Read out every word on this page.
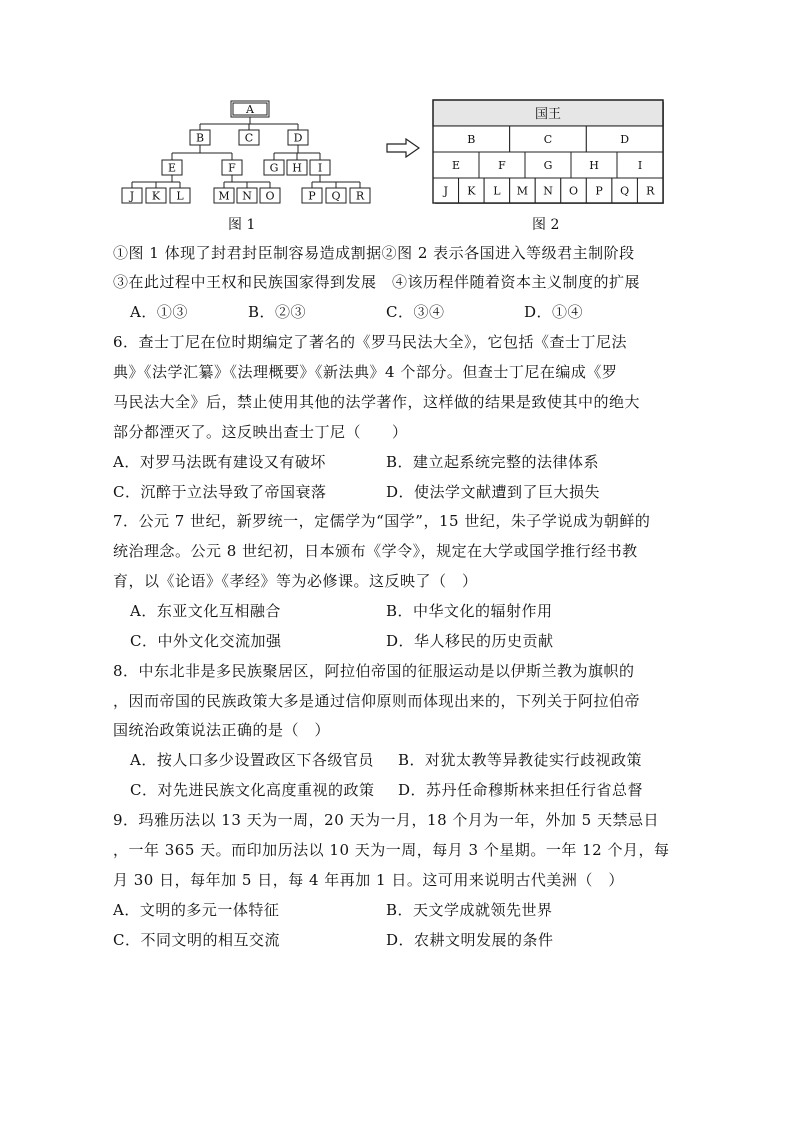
A
B	C	D
E	F	G H I
J K L	M N O	P Q R
图 1
国王
B	C	D
E	F	G	H	I
J K L M N O P Q R
图 2
①图 1 体现了封君封臣制容易造成割据②图 2 表示各国进入等级君主制阶段
③在此过程中王权和民族国家得到发展　④该历程伴随着资本主义制度的扩展
A．①③	B．②③	C．③④	D．①④
6．查士丁尼在位时期编定了著名的《罗马民法大全》，它包括《查士丁尼法
典》《法学汇纂》《法理概要》《新法典》4 个部分。但查士丁尼在编成《罗
马民法大全》后，禁止使用其他的法学著作，这样做的结果是致使其中的绝大
部分都湮灭了。这反映出查士丁尼（　　）
A．对罗马法既有建设又有破坏	B．建立起系统完整的法律体系
C．沉醉于立法导致了帝国衰落	D．使法学文献遭到了巨大损失
7．公元 7 世纪，新罗统一，定儒学为“国学”，15 世纪，朱子学说成为朝鲜的
统治理念。公元 8 世纪初，日本颁布《学令》，规定在大学或国学推行经书教
育，以《论语》《孝经》等为必修课。这反映了（　）
A．东亚文化互相融合	B．中华文化的辐射作用
C．中外文化交流加强	D．华人移民的历史贡献
8．中东北非是多民族聚居区，阿拉伯帝国的征服运动是以伊斯兰教为旗帜的
，因而帝国的民族政策大多是通过信仰原则而体现出来的，下列关于阿拉伯帝
国统治政策说法正确的是（　）
A．按人口多少设置政区下各级官员 B．对犹太教等异教徒实行歧视政策
C．对先进民族文化高度重视的政策 D．苏丹任命穆斯林来担任行省总督
9．玛雅历法以 13 天为一周，20 天为一月，18 个月为一年，外加 5 天禁忌日
，一年 365 天。而印加历法以 10 天为一周，每月 3 个星期。一年 12 个月，每
月 30 日，每年加 5 日，每 4 年再加 1 日。这可用来说明古代美洲（　）
A．文明的多元一体特征	B．天文学成就领先世界
C．不同文明的相互交流	D．农耕文明发展的条件
